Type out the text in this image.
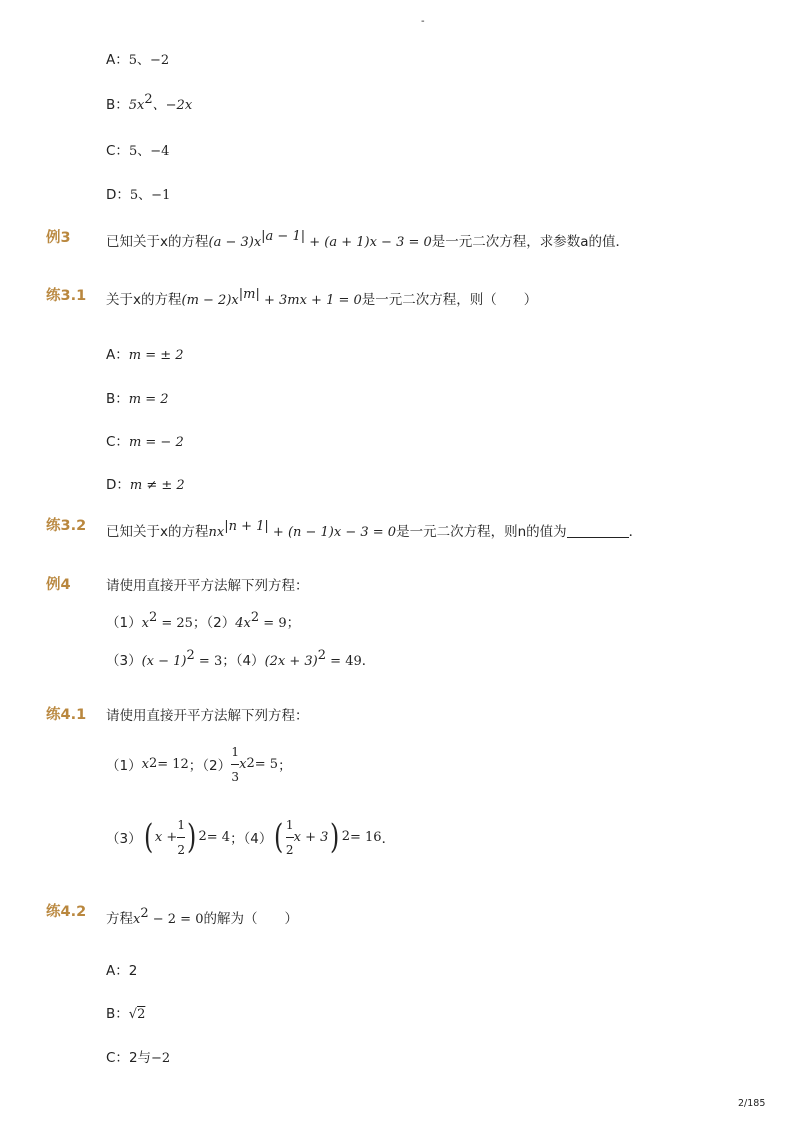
-
A：5、−2
B：$5x^2$、−2x
C：5、−4
D：5、−1
例3	已知关于x的方程$(a - 3)x^{|a - 1|} + (a + 1)x - 3 = 0$是一元二次方程，求参数a的值．
练3.1 关于x的方程$(m - 2)x^{|m|} + 3mx + 1 = 0$是一元二次方程，则（　　）
A：m = ± 2
B：m = 2
C：m = − 2
D：m ≠ ± 2
练3.2 已知关于x的方程$nx^{|n + 1|} + (n - 1)x - 3 = 0$是一元二次方程，则n的值为	．
例4	请使用直接开平方法解下列方程：
$(1)x^2 = 25$；$(2)4x^2 = 9$；
$(3)(x - 1)^2 = 3$；$(4)(2x + 3)^2 = 49$．
练4.1 请使用直接开平方法解下列方程：
（1） x 2 = 12 ；$(2) \frac{1}{3}$ x 2 = 5 ；
（3） ( $x + \frac{1}{2}$ ) 2 = 4 ；（4） ( $\frac{1}{2}$ x + 3 ) 2 = 16 ．
练4.2 方程$x^2 - 2 = 0$的解为（　　）
A：2
B：√2
C：2与−2
2/185
